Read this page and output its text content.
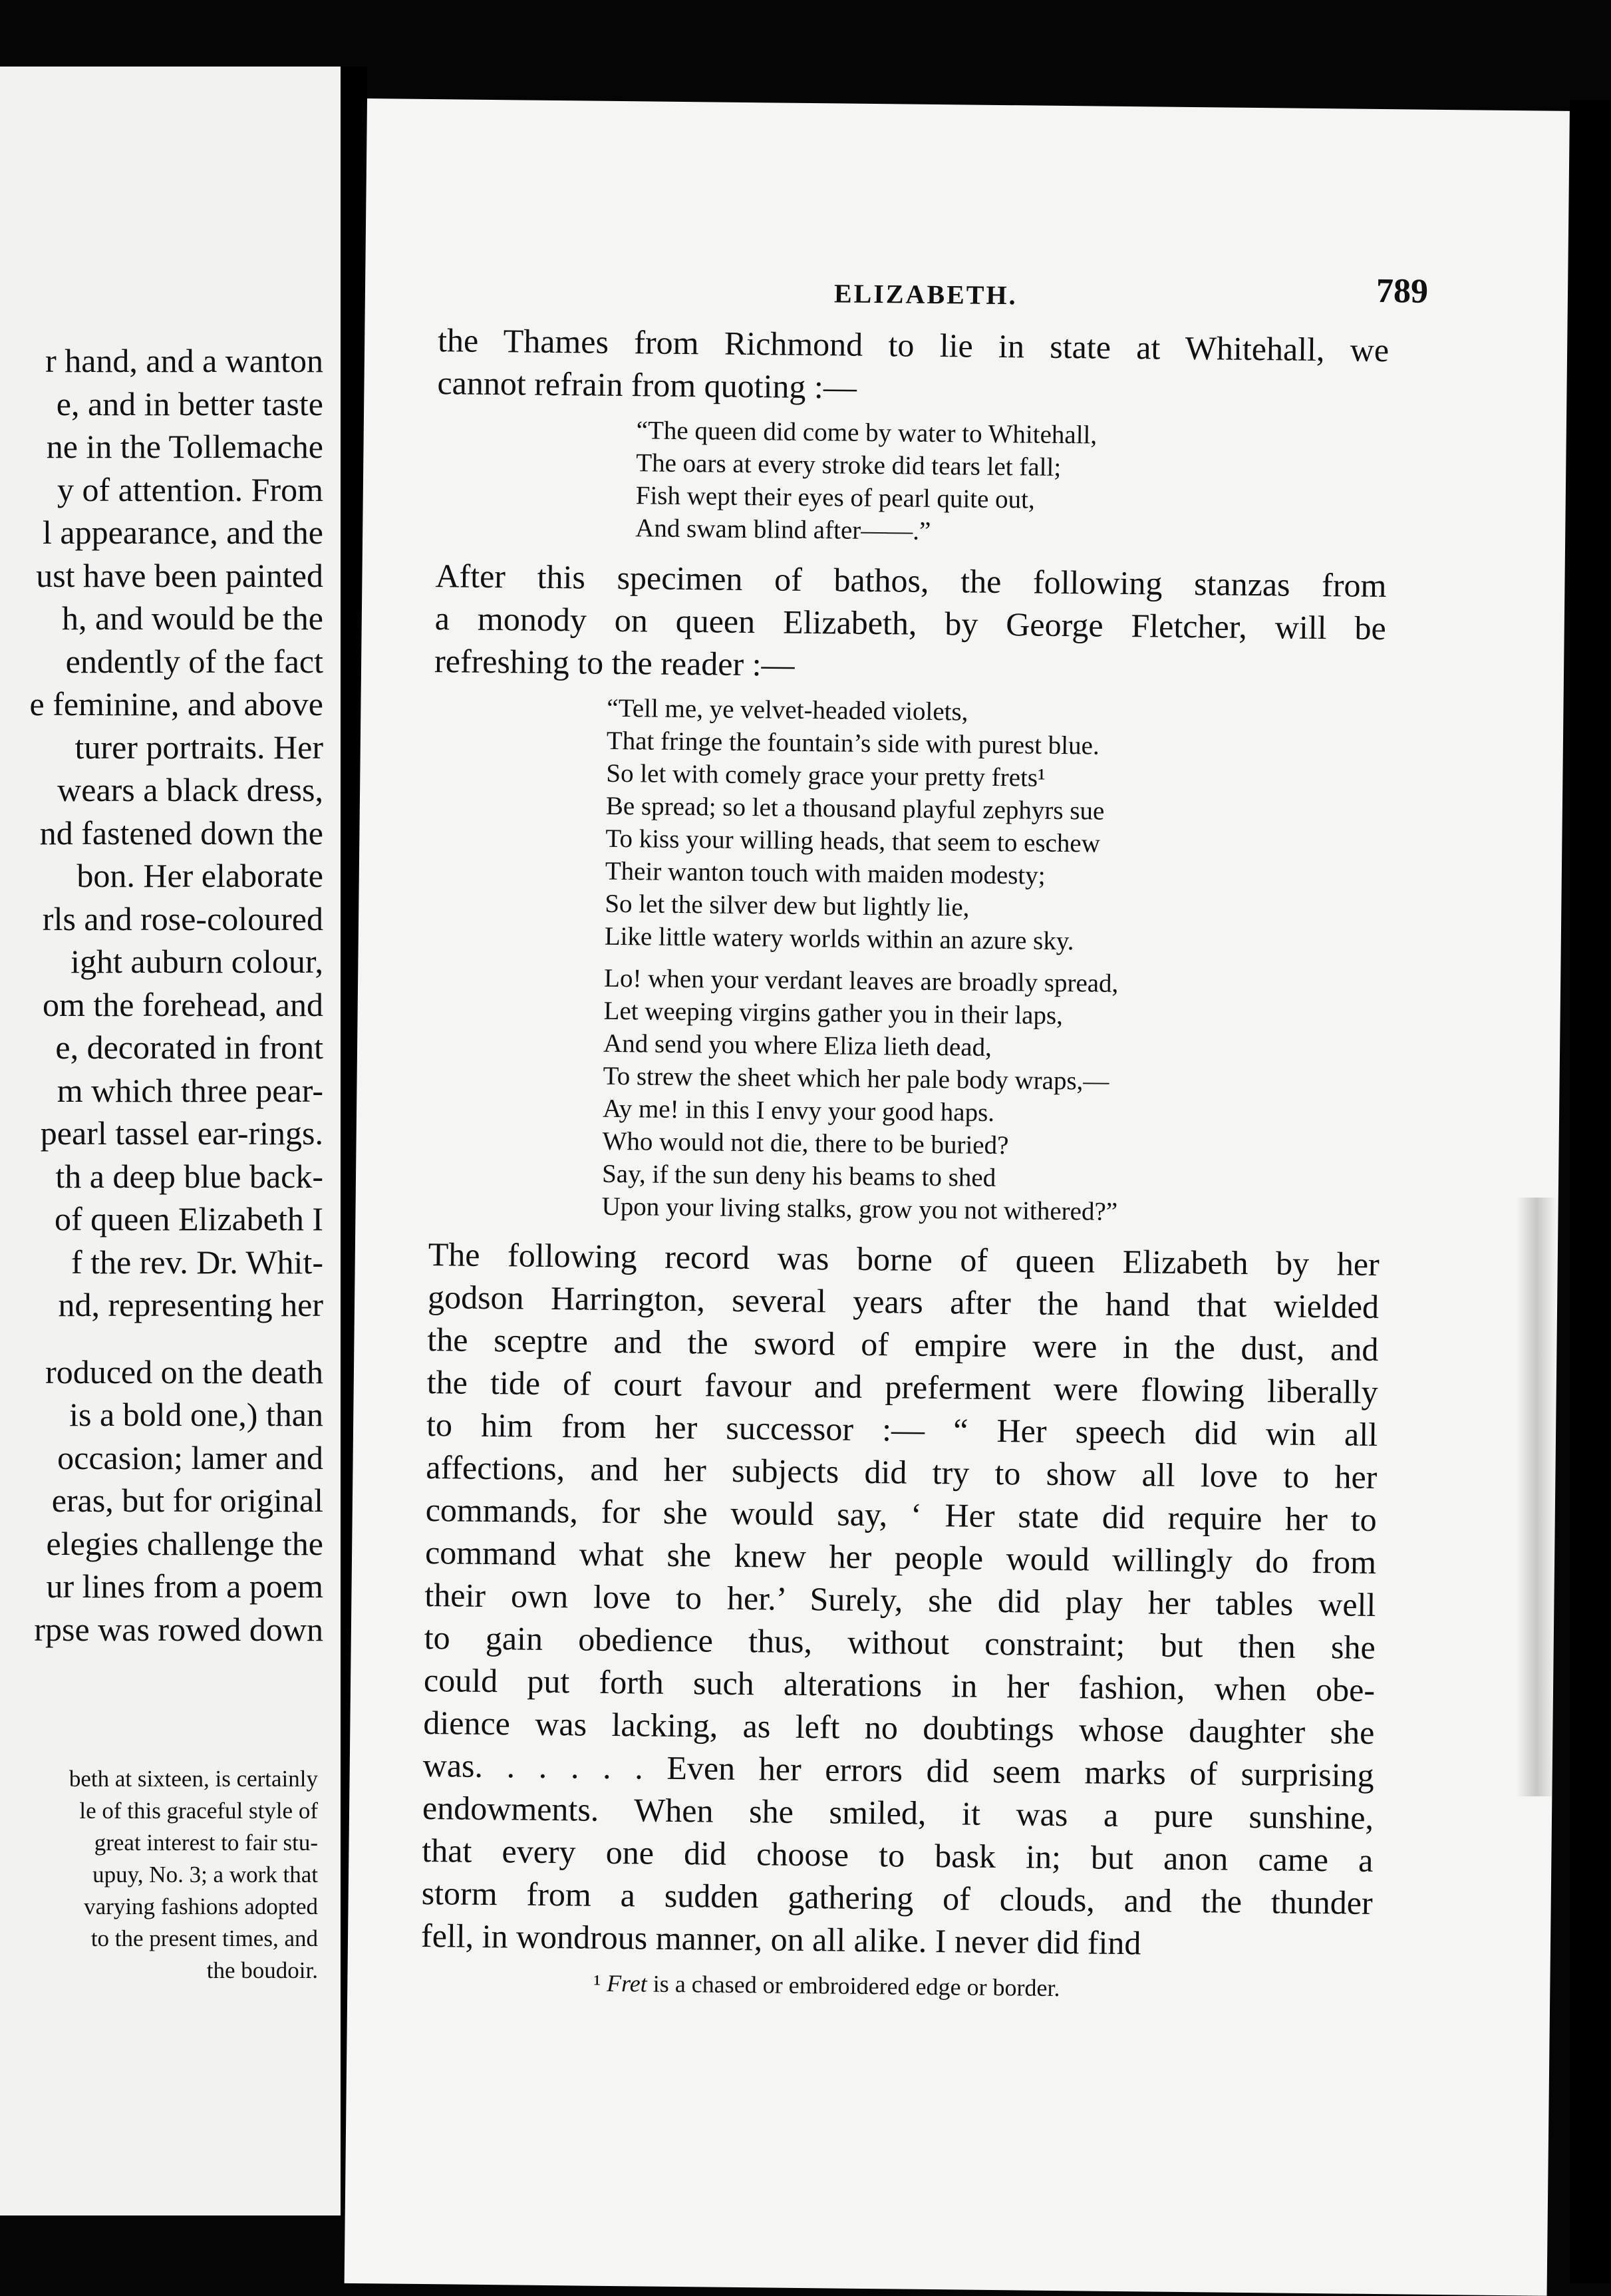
r hand, and a wanton
e, and in better taste
ne in the Tollemache
y of attention. From
l appearance, and the
ust have been painted
h, and would be the
endently of the fact
e feminine, and above
turer portraits. Her
wears a black dress,
nd fastened down the
bon. Her elaborate
rls and rose-coloured
ight auburn colour,
om the forehead, and
e, decorated in front
m which three pear-
pearl tassel ear-rings.
th a deep blue back-
of queen Elizabeth I
f the rev. Dr. Whit-
nd, representing her
roduced on the death
is a bold one,) than
occasion; lamer and
eras, but for original
elegies challenge the
ur lines from a poem
rpse was rowed down
beth at sixteen, is certainly
le of this graceful style of
great interest to fair stu-
upuy, No. 3; a work that
varying fashions adopted
to the present times, and
the boudoir.
ELIZABETH.	789
the Thames from Richmond to lie in state at Whitehall, we
cannot refrain from quoting :—
“The queen did come by water to Whitehall,
The oars at every stroke did tears let fall;
Fish wept their eyes of pearl quite out,
And swam blind after——.”
After this specimen of bathos, the following stanzas from
a monody on queen Elizabeth, by George Fletcher, will be
refreshing to the reader :—
“Tell me, ye velvet-headed violets,
That fringe the fountain’s side with purest blue.
So let with comely grace your pretty frets¹
Be spread; so let a thousand playful zephyrs sue
To kiss your willing heads, that seem to eschew
Their wanton touch with maiden modesty;
So let the silver dew but lightly lie,
Like little watery worlds within an azure sky.
Lo! when your verdant leaves are broadly spread,
Let weeping virgins gather you in their laps,
And send you where Eliza lieth dead,
To strew the sheet which her pale body wraps,—
Ay me! in this I envy your good haps.
Who would not die, there to be buried?
Say, if the sun deny his beams to shed
Upon your living stalks, grow you not withered?”
The following record was borne of queen Elizabeth by her
godson Harrington, several years after the hand that wielded
the sceptre and the sword of empire were in the dust, and
the tide of court favour and preferment were flowing liberally
to him from her successor :— “ Her speech did win all
affections, and her subjects did try to show all love to her
commands, for she would say, ‘ Her state did require her to
command what she knew her people would willingly do from
their own love to her.’ Surely, she did play her tables well
to gain obedience thus, without constraint; but then she
could put forth such alterations in her fashion, when obe-
dience was lacking, as left no doubtings whose daughter she
was. . . . . . Even her errors did seem marks of surprising
endowments. When she smiled, it was a pure sunshine,
that every one did choose to bask in; but anon came a
storm from a sudden gathering of clouds, and the thunder
fell, in wondrous manner, on all alike. I never did find
¹ Fret is a chased or embroidered edge or border.
